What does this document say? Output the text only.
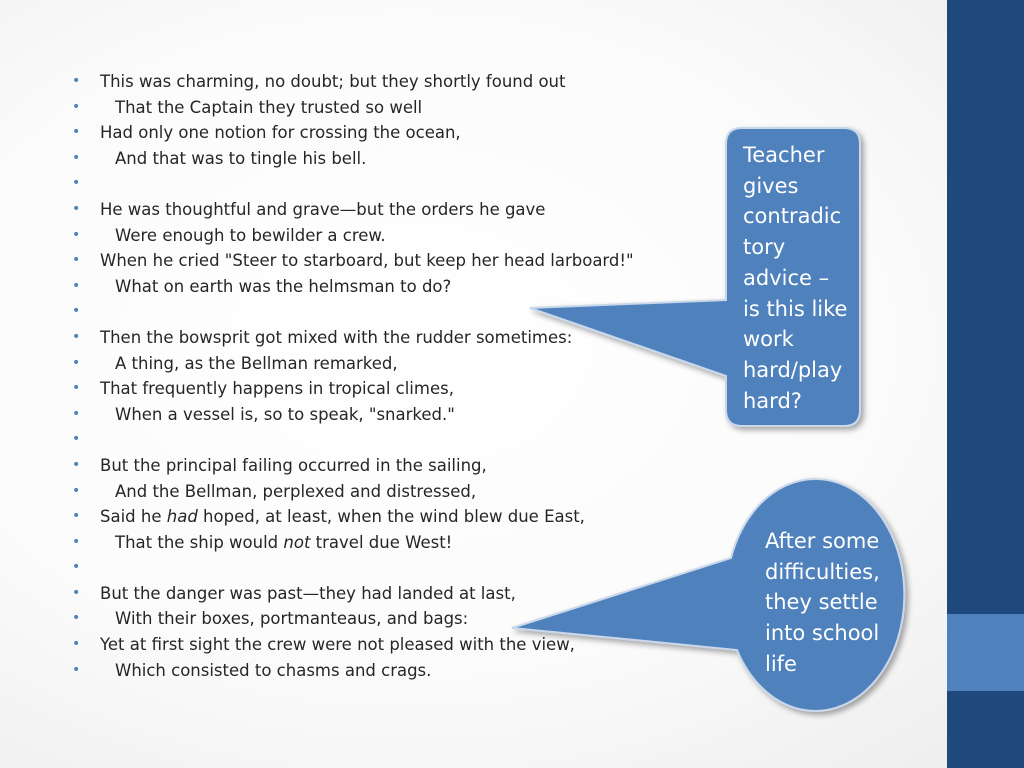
• This was charming, no doubt; but they shortly found out
• That the Captain they trusted so well
• Had only one notion for crossing the ocean,
• And that was to tingle his bell.
•
• He was thoughtful and grave—but the orders he gave
• Were enough to bewilder a crew.
• When he cried "Steer to starboard, but keep her head larboard!"
• What on earth was the helmsman to do?
•
• Then the bowsprit got mixed with the rudder sometimes:
• A thing, as the Bellman remarked,
• That frequently happens in tropical climes,
• When a vessel is, so to speak, "snarked."
•
• But the principal failing occurred in the sailing,
• And the Bellman, perplexed and distressed,
• Said he had hoped, at least, when the wind blew due East,
• That the ship would not travel due West!
•
• But the danger was past—they had landed at last,
• With their boxes, portmanteaus, and bags:
• Yet at first sight the crew were not pleased with the view,
• Which consisted to chasms and crags.
Teacher
gives
contradic
tory
advice –
is this like
work
hard/play
hard?
After some
difficulties,
they settle
into school
life
